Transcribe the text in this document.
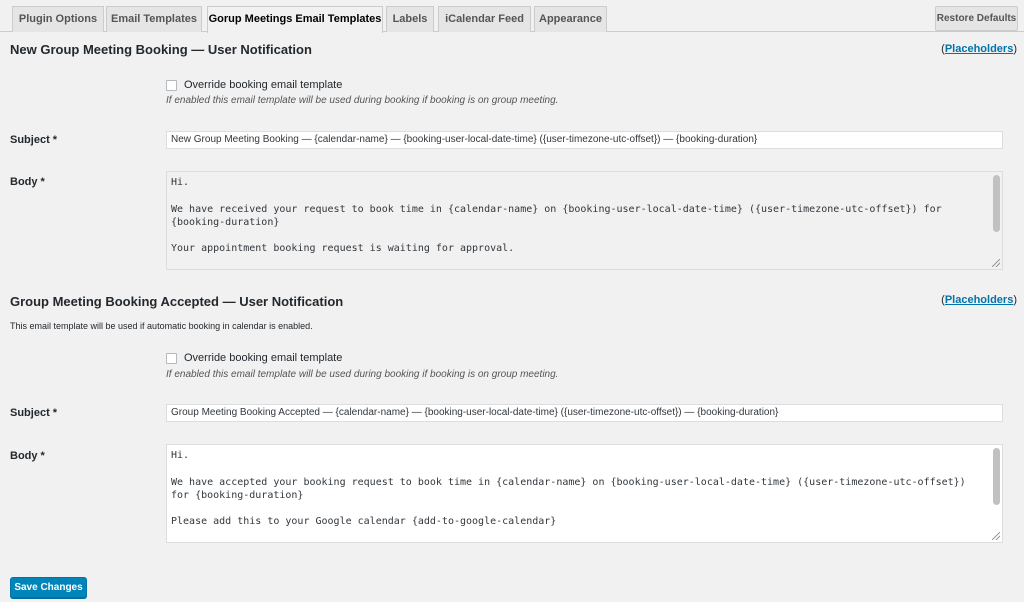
Plugin Options	Email Templates	Gorup Meetings Email Templates	Labels	iCalendar Feed	Appearance	Restore Defaults
New Group Meeting Booking — User Notification	(Placeholders)
Override booking email template
If enabled this email template will be used during booking if booking is on group meeting.
Subject *	New Group Meeting Booking — {calendar-name} — {booking-user-local-date-time} ({user-timezone-utc-offset}) — {booking-duration}
Body *	Hi.

We have received your request to book time in {calendar-name} on {booking-user-local-date-time} ({user-timezone-utc-offset}) for {booking-duration}

Your appointment booking request is waiting for approval.

Group Meeting Booking Accepted — User Notification	(Placeholders)
This email template will be used if automatic booking in calendar is enabled.
Override booking email template
If enabled this email template will be used during booking if booking is on group meeting.
Subject *	Group Meeting Booking Accepted — {calendar-name} — {booking-user-local-date-time} ({user-timezone-utc-offset}) — {booking-duration}
Body *	Hi.

We have accepted your booking request to book time in {calendar-name} on {booking-user-local-date-time} ({user-timezone-utc-offset}) for {booking-duration}

Please add this to your Google calendar {add-to-google-calendar}

Save Changes
